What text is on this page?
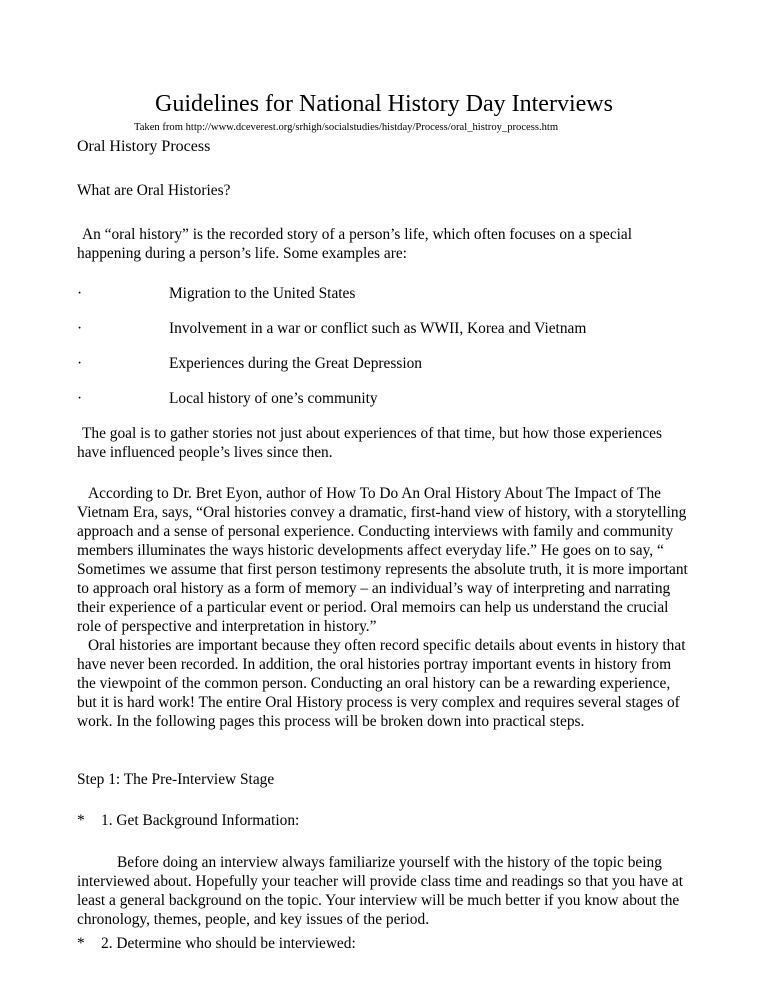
Guidelines for National History Day Interviews
Taken from http://www.dceverest.org/srhigh/socialstudies/histday/Process/oral_histroy_process.htm
Oral History Process
What are Oral Histories?

An “oral history” is the recorded story of a person’s life, which often focuses on a special happening during a person’s life. Some examples are:

·	Migration to the United States
·	Involvement in a war or conflict such as WWII, Korea and Vietnam
·	Experiences during the Great Depression
·	Local history of one’s community

The goal is to gather stories not just about experiences of that time, but how those experiences have influenced people’s lives since then.

According to Dr. Bret Eyon, author of How To Do An Oral History About The Impact of The Vietnam Era, says, “Oral histories convey a dramatic, first-hand view of history, with a storytelling approach and a sense of personal experience. Conducting interviews with family and community members illuminates the ways historic developments affect everyday life.” He goes on to say, “ Sometimes we assume that first person testimony represents the absolute truth, it is more important to approach oral history as a form of memory – an individual’s way of interpreting and narrating their experience of a particular event or period. Oral memoirs can help us understand the crucial role of perspective and interpretation in history.”

Oral histories are important because they often record specific details about events in history that have never been recorded. In addition, the oral histories portray important events in history from the viewpoint of the common person. Conducting an oral history can be a rewarding experience, but it is hard work! The entire Oral History process is very complex and requires several stages of work. In the following pages this process will be broken down into practical steps.

Step 1: The Pre-Interview Stage
* 1. Get Background Information:

Before doing an interview always familiarize yourself with the history of the topic being interviewed about. Hopefully your teacher will provide class time and readings so that you have at least a general background on the topic. Your interview will be much better if you know about the chronology, themes, people, and key issues of the period.

* 2. Determine who should be interviewed:
